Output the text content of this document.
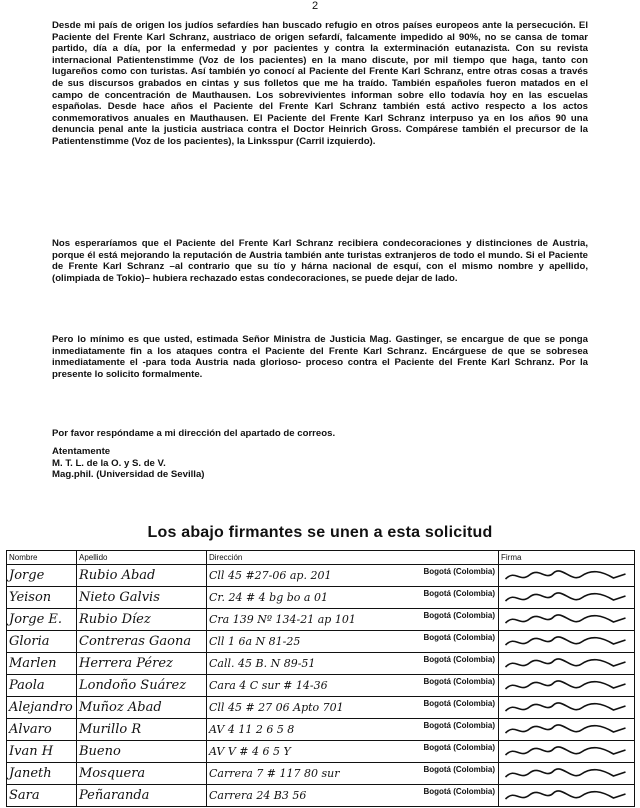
2

Desde mi país de origen los judíos sefardíes han buscado refugio en otros países europeos ante la persecución. El Paciente del Frente Karl Schranz, austriaco de origen sefardí, falcamente impedido al 90%, no se cansa de tomar partido, día a día, por la enfermedad y por pacientes y contra la exterminación eutanazista. Con su revista internacional Patientenstimme (Voz de los pacientes) en la mano discute, por mil tiempo que haga, tanto con lugareños como con turistas. Así también yo conocí al Paciente del Frente Karl Schranz, entre otras cosas a través de sus discursos grabados en cintas y sus folletos que me ha traído. También españoles fueron matados en el campo de concentración de Mauthausen. Los sobrevivientes informan sobre ello todavía hoy en las escuelas españolas. Desde hace años el Paciente del Frente Karl Schranz también está activo respecto a los actos conmemorativos anuales en Mauthausen. El Paciente del Frente Karl Schranz interpuso ya en los años 90 una denuncia penal ante la justicia austriaca contra el Doctor Heinrich Gross. Compárese también el precursor de la Patientenstimme (Voz de los pacientes), la Linksspur (Carril izquierdo).

Nos esperaríamos que el Paciente del Frente Karl Schranz recibiera condecoraciones y distinciones de Austria, porque él está mejorando la reputación de Austria también ante turistas extranjeros de todo el mundo. Si el Paciente de Frente Karl Schranz –al contrario que su tío y hárna nacional de esquí, con el mismo nombre y apellido, (olimpiada de Tokio)– hubiera rechazado estas condecoraciones, se puede dejar de lado.

Pero lo mínimo es que usted, estimada Señor Ministra de Justicia Mag. Gastinger, se encargue de que se ponga inmediatamente fin a los ataques contra el Paciente del Frente Karl Schranz. Encárguese de que se sobresea inmediatamente el -para toda Austria nada glorioso- proceso contra el Paciente del Frente Karl Schranz. Por la presente lo solicito formalmente.

Por favor respóndame a mi dirección del apartado de correos.

Atentamente
M. T. L. de la O. y S. de V.
Mag.phil. (Universidad de Sevilla)
Los abajo firmantes se unen a esta solicitud
Nombre	Apellido	Dirección	Firma
Jorge	Rubio Abad	Cll 45 #27-06 ap. 201 Bogotá (Colombia)

Yeison	Nieto Galvis	Cr. 24 # 4 bg bo a 01 Bogotá (Colombia)

Jorge E.	Rubio Díez	Cra 139 Nº 134-21 ap 101 Bogotá (Colombia)

Gloria	Contreras Gaona	Cll 1 6a N 81-25 Bogotá (Colombia)

Marlen	Herrera Pérez	Call. 45 B. N 89-51 Bogotá (Colombia)

Paola	Londoño Suárez	Cara 4 C sur # 14-36 Bogotá (Colombia)

Alejandro	Muñoz Abad	Cll 45 # 27 06 Apto 701 Bogotá (Colombia)

Alvaro	Murillo R	AV 4 11 2 6 5 8 Bogotá (Colombia)

Ivan H	Bueno	AV V # 4 6 5 Y Bogotá (Colombia)

Janeth	Mosquera	Carrera 7 # 117 80 sur Bogotá (Colombia)

Sara	Peñaranda	Carrera 24 B3 56 Bogotá (Colombia)
